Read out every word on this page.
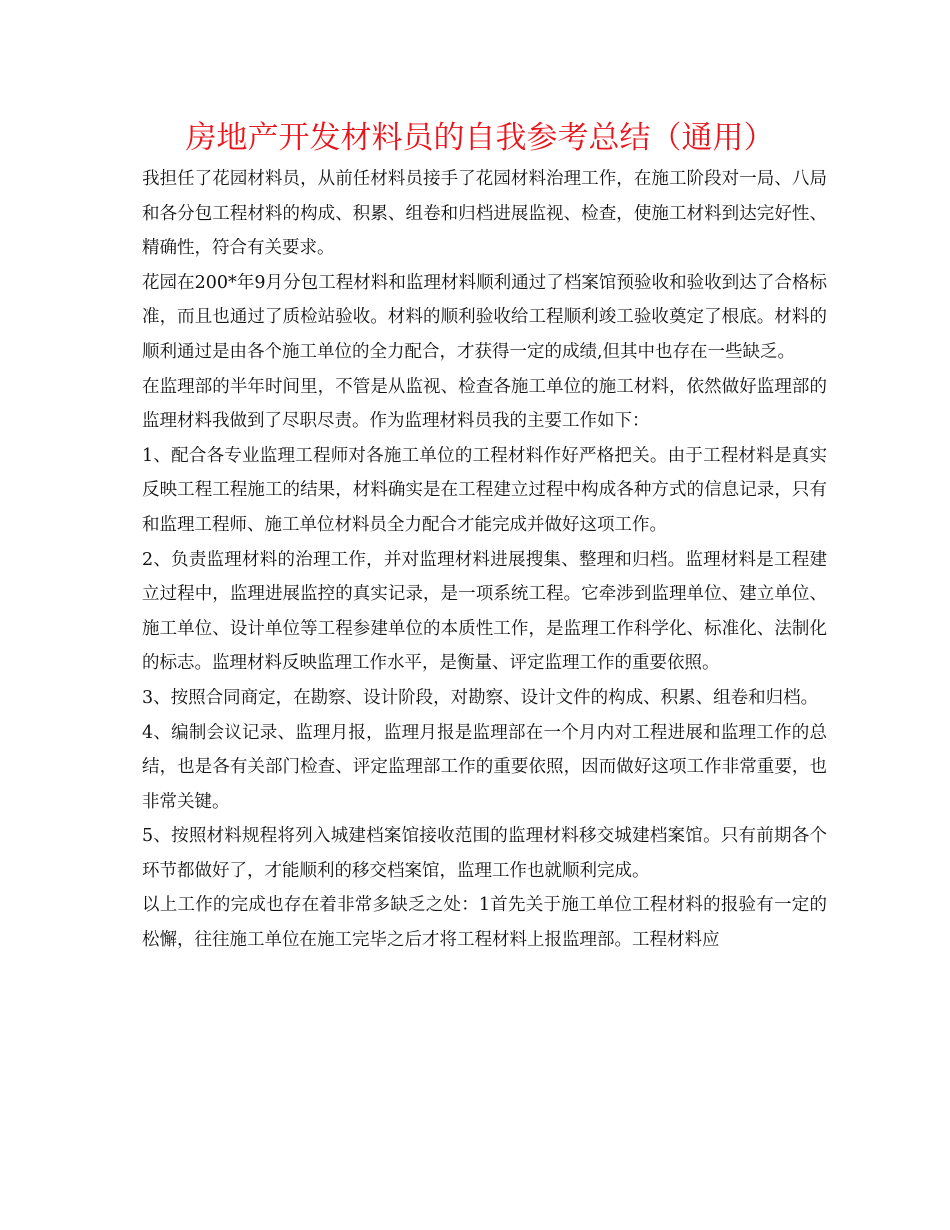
房地产开发材料员的自我参考总结（通用）

我担任了花园材料员，从前任材料员接手了花园材料治理工作，在施工阶段对一局、八局和各分包工程材料的构成、积累、组卷和归档进展监视、检查，使施工材料到达完好性、精确性，符合有关要求。

花园在200*年9月分包工程材料和监理材料顺利通过了档案馆预验收和验收到达了合格标准，而且也通过了质检站验收。材料的顺利验收给工程顺利竣工验收奠定了根底。材料的顺利通过是由各个施工单位的全力配合，才获得一定的成绩,但其中也存在一些缺乏。

在监理部的半年时间里，不管是从监视、检查各施工单位的施工材料，依然做好监理部的监理材料我做到了尽职尽责。作为监理材料员我的主要工作如下：

1、配合各专业监理工程师对各施工单位的工程材料作好严格把关。由于工程材料是真实反映工程工程施工的结果，材料确实是在工程建立过程中构成各种方式的信息记录，只有和监理工程师、施工单位材料员全力配合才能完成并做好这项工作。

2、负责监理材料的治理工作，并对监理材料进展搜集、整理和归档。监理材料是工程建立过程中，监理进展监控的真实记录，是一项系统工程。它牵涉到监理单位、建立单位、施工单位、设计单位等工程参建单位的本质性工作，是监理工作科学化、标准化、法制化的标志。监理材料反映监理工作水平，是衡量、评定监理工作的重要依照。

3、按照合同商定，在勘察、设计阶段，对勘察、设计文件的构成、积累、组卷和归档。

4、编制会议记录、监理月报，监理月报是监理部在一个月内对工程进展和监理工作的总结，也是各有关部门检查、评定监理部工作的重要依照，因而做好这项工作非常重要，也非常关键。

5、按照材料规程将列入城建档案馆接收范围的监理材料移交城建档案馆。只有前期各个环节都做好了，才能顺利的移交档案馆，监理工作也就顺利完成。

以上工作的完成也存在着非常多缺乏之处：1首先关于施工单位工程材料的报验有一定的松懈，往往施工单位在施工完毕之后才将工程材料上报监理部。工程材料应
